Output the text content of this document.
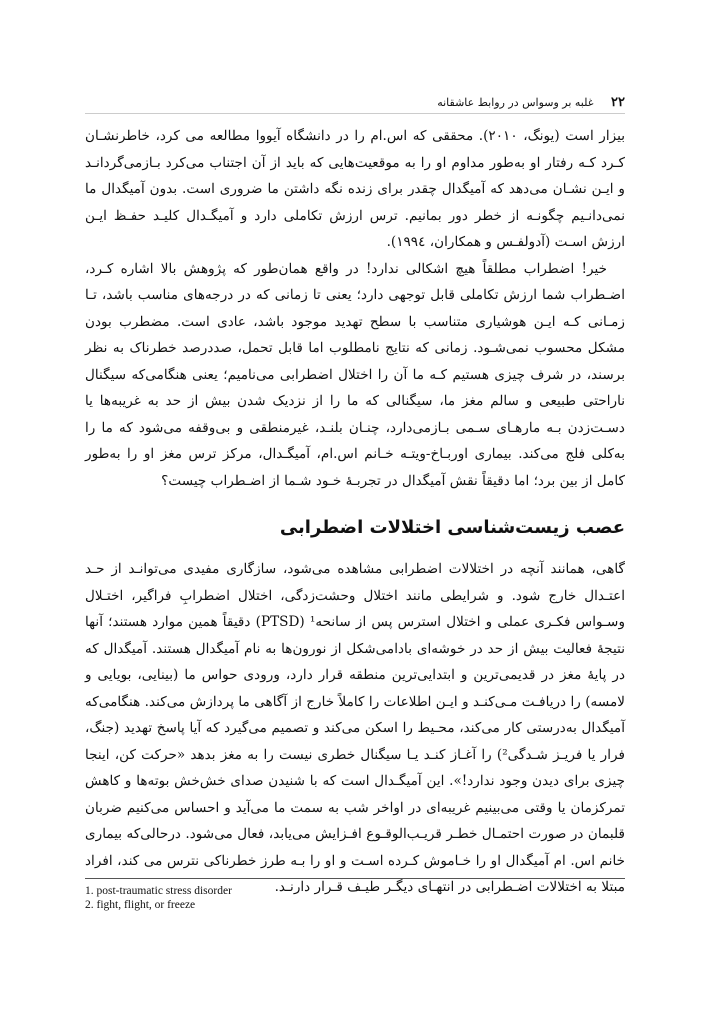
۲۲ غلبه بر وسواس در روابط عاشقانه

بیزار است (یونگ، ۲۰۱۰). محققی که اس.ام را در دانشگاه آیووا مطالعه می کرد، خاطرنشـان کـرد کـه رفتار او به‌طور مداوم او را به موقعیت‌هایی که باید از آن اجتناب می‌کرد بـازمی‌گردانـد و ایـن نشـان می‌دهد که آمیگدال چقدر برای زنده نگه داشتن ما ضروری است. بدون آمیگدال ما نمی‌دانـیم چگونـه از خطر دور بمانیم. ترس ارزش تکاملی دارد و آمیگـدال کلیـد حفـظ ایـن ارزش اسـت (آدولفـس و همکاران، ۱۹۹٤).

خیر! اضطراب مطلقاً هیچ اشکالی ندارد! در واقع همان‌طور که پژوهش بالا اشاره کـرد، اضـطراب شما ارزش تکاملی قابل توجهی دارد؛ یعنی تا زمانی که در درجه‌های مناسب باشد، تـا زمـانی کـه ایـن هوشیاری متناسب با سطح تهدید موجود باشد، عادی است. مضطرب بودن مشکل محسوب نمی‌شـود. زمانی که نتایج نامطلوب اما قابل تحمل، صددرصد خطرناک به نظر برسند، در شرف چیزی هستیم کـه ما آن را اختلال اضطرابی می‌نامیم؛ یعنی هنگامی‌که سیگنال ناراحتی طبیعی و سالم مغز ما، سیگنالی که ما را از نزدیک شدن بیش از حد به غریبه‌ها یا دسـت‌زدن بـه مارهـای سـمی بـازمی‌دارد، چنـان بلنـد، غیرمنطقی و بی‌وقفه می‌شود که ما را به‌کلی فلج می‌کند. بیماری اوربـاخ-ویتـه خـانم اس.ام، آمیگـدال، مرکز ترس مغز او را به‌طور کامل از بین برد؛ اما دقیقاً نقش آمیگدال در تجربـۀ خـود شـما از اضـطراب چیست؟

عصب زیست‌شناسی اختلالات اضطرابی

گاهی، همانند آنچه در اختلالات اضطرابی مشاهده می‌شود، سازگاری مفیدی می‌توانـد از حـد اعتـدال خارج شود. و شرایطی مانند اختلال وحشت‌زدگی، اختلال اضطرابِ فراگیر، اختـلال وسـواس فکـری عملی و اختلال استرس پس از سانحه¹ (PTSD) دقیقاً همین موارد هستند؛ آنها نتیجۀ فعالیت بیش از حد در خوشه‌ای بادامی‌شکل از نورون‌ها به نام آمیگدال هستند. آمیگدال که در پایۀ مغز در قدیمی‌ترین و ابتدایی‌ترین منطقه قرار دارد، ورودی حواس ما (بینایی، بویایی و لامسه) را دریافـت مـی‌کنـد و ایـن اطلاعات را کاملاً خارج از آگاهی ما پردازش می‌کند. هنگامی‌که آمیگدال به‌درستی کار می‌کند، محـیط را اسکن می‌کند و تصمیم می‌گیرد که آیا پاسخ تهدید (جنگ، فرار یا فریـز شـدگی²) را آغـاز کنـد یـا سیگنال خطری نیست را به مغز بدهد «حرکت کن، اینجا چیزی برای دیدن وجود ندارد!». این آمیگـدال است که با شنیدن صدای خش‌خش بوته‌ها و کاهش تمرکزمان یا وقتی می‌بینیم غریبه‌ای در اواخر شب به سمت ما می‌آید و احساس می‌کنیم ضربان قلبمان در صورت احتمـال خطـر قریـب‌الوقـوع افـزایش می‌یابد، فعال می‌شود. درحالی‌که بیماری خانم اس. ام آمیگدال او را خـاموش کـرده اسـت و او را بـه طرز خطرناکی نترس می کند، افراد مبتلا به اختلالات اضـطرابی در انتهـای دیگـر طیـف قـرار دارنـد.

1. post-traumatic stress disorder
2. fight, flight, or freeze
